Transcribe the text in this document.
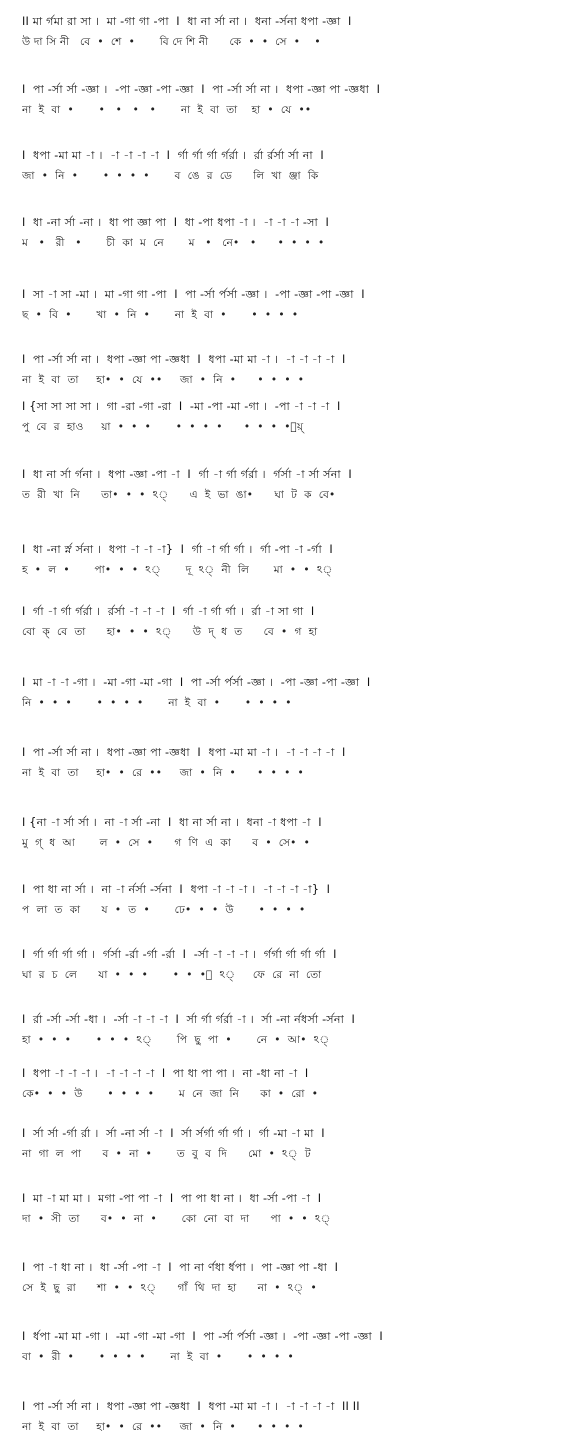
II মা র্গমা রা সা ।  মা -গা গা -পা  I  ধা না র্সা না ।  ধনা -র্সনা ধপা -জ্ঞা  I
উ দা সি নী   বে  •  শে  •       বি দে শি নী      কে  •  •  সে  •    •
I  পা -র্সা র্সা -জ্ঞা ।  -পা -জ্ঞা -পা -জ্ঞা  I  পা -র্সা র্সা না ।  ধপা -জ্ঞা পা -জ্ঞধা  I
না  ই  বা  •       •   •   •   •       না  ই  বা  তা    হা  •  যে  ••
I  ধপা -মা মা -া ।  -া -া -া -া  I  র্গা র্গা র্গা র্গর্রা ।  র্রা র্রর্সা র্সা না  I
জা  •  নি  •       •  •  •  •       ব  ঙে  র  ডে      লি  খা  ঞ্জা  কি
I  ধা -না র্সা -না ।  ধা পা জ্ঞা পা  I  ধা -পা ধপা -া ।  -া -া -া -সা  I
ম   •   রী   •       চী  কা  ম  নে       ম   •   নে•   •      •  •  •  •
I  সা -া সা -মা ।  মা -গা গা -পা  I  পা -র্সা র্পর্সা -জ্ঞা ।  -পা -জ্ঞা -পা -জ্ঞা  I
ছ  •  বি  •       খা  •  নি  •       না  ই  বা  •       •  •  •  •
I  পা -র্সা র্সা না ।  ধপা -জ্ঞা পা -জ্ঞধা  I  ধপা -মা মা -া ।  -া -া -া -া  I
না  ই  বা  তা     হা•  •  যে  ••     জা  •  নি  •      •  •  •  •
I {সা সা সা সা ।  গা -রা -গা -রা  I  -মা -পা -মা -গা ।  -পা -া -া -া  I
পু  বে  র  হাও     য়া  •  •  •       •  •  •  •      •  •  •  •ঁয়্
I  ধা না র্সা র্গনা ।  ধপা -জ্ঞা -পা -া  I  র্গা -া র্গা র্গর্রা ।  র্গর্সা -া র্সা র্সনা  I
ত  রী  খা  নি      তা•  •  •  ঽ্      এ  ই  ভা  ঙা•      ঘা  ট  ক  বে•
I  ধা -না র্স্ন র্সনা ।  ধপা -া -া -া}  I  র্গা -া র্গা র্গা ।  র্গা -পা -া -র্গা  I
হ  •  ল  •       পা•  •  •  ঽ্       দূ  ঽ্  নী  লি       মা  •  •  ঽ্
I  র্গা -া র্গা র্গর্রা ।  র্রর্সা -া -া -া  I  র্গা -া র্গা র্গা ।  র্রা -া সা গা  I
বো  ক্  বে  তা      হা•  •  •  ঽ্      উ  দ্  ধ  ত      বে  •  গ  হা
I  মা -া -া -গা ।  -মা -গা -মা -গা  I  পা -র্সা র্পর্সা -জ্ঞা ।  -পা -জ্ঞা -পা -জ্ঞা  I
নি  •  •  •       •  •  •  •       না  ই  বা  •       •  •  •  •
I  পা -র্সা র্সা না ।  ধপা -জ্ঞা পা -জ্ঞধা  I  ধপা -মা মা -া ।  -া -া -া -া  I
না  ই  বা  তা     হা•  •  রে  ••     জা  •  নি  •      •  •  •  •
I {না -া র্সা র্সা ।  না -া র্সা -না  I  ধা না র্সা না ।  ধনা -া ধপা -া  I
মু  গ্  ধ  আ       ল  •  সে  •      গ  ণি  এ  কা      ব  •  সে•  •
I  পা ধা না র্সা ।  না -া র্নর্সা -র্সনা  I  ধপা -া -া -া ।  -া -া -া -া}  I
প  লা  ত  কা      য  •  ত  •       ঢে•  •  •  উ       •  •  •  •
I  র্গা র্গা র্গা র্গা ।  র্গর্সা -র্রা -র্গা -র্রা  I  -র্সা -া -া -া ।  র্গর্গা র্গা র্গা র্গা  I
ঘা  র  চ  লে      যা  •  •  •       •  •  •ঁ  ঽ্     ফে  রে  না  তো
I  র্রা -র্সা -র্সা -ধা ।  -র্সা -া -া -া  I  র্সা র্গা র্গর্রা -া ।  র্সা -না র্নধর্সা -র্সনা  I
হা  •  •  •       •  •  •  ঽ্       পি  ছু  পা  •       নে  •  আ•  ঽ্
I  ধপা -া -া -া ।  -া -া -া -া  I  পা ধা পা পা ।  না -ধা না -া  I
কে•  •  •  উ       •  •  •  •       ম  নে  জা  নি      কা  •  রো  •
I  র্সা র্সা -র্গা র্রা ।  র্সা -না র্সা -া  I  র্সা র্সর্গা র্গা র্গা ।  র্গা -মা -া মা  I
না  গা  ল  পা      ব  •  না  •       ত  বু  ব  দি      মো  •  ঽ্  ট
I  মা -া মা মা ।  মগা -পা পা -া  I  পা পা ধা না ।  ধা -র্সা -পা -া  I
দা  •  সী  তা      ব•  •  না  •       কো  নো  বা  দা      পা  •  •  ঽ্
I  পা -া ধা না ।  ধা -র্সা -পা -া  I  পা না র্ণধা র্ধপা ।  পা -জ্ঞা পা -ধা  I
সে  ই  ছু  রা      শা  •  •  ঽ্      গাঁ  থি  দা  হা      না  •  ঽ্  •
I  র্ধপা -মা মা -গা ।  -মা -গা -মা -গা  I  পা -র্সা র্পর্সা -জ্ঞা ।  -পা -জ্ঞা -পা -জ্ঞা  I
বা  •  রী  •       •  •  •  •       না  ই  বা  •       •  •  •  •
I  পা -র্সা র্সা না ।  ধপা -জ্ঞা পা -জ্ঞধা  I  ধপা -মা মা -া ।  -া -া -া -া  II II
না  ই  বা  তা     হা•  •  রে  ••     জা  •  নি  •      •  •  •  •
